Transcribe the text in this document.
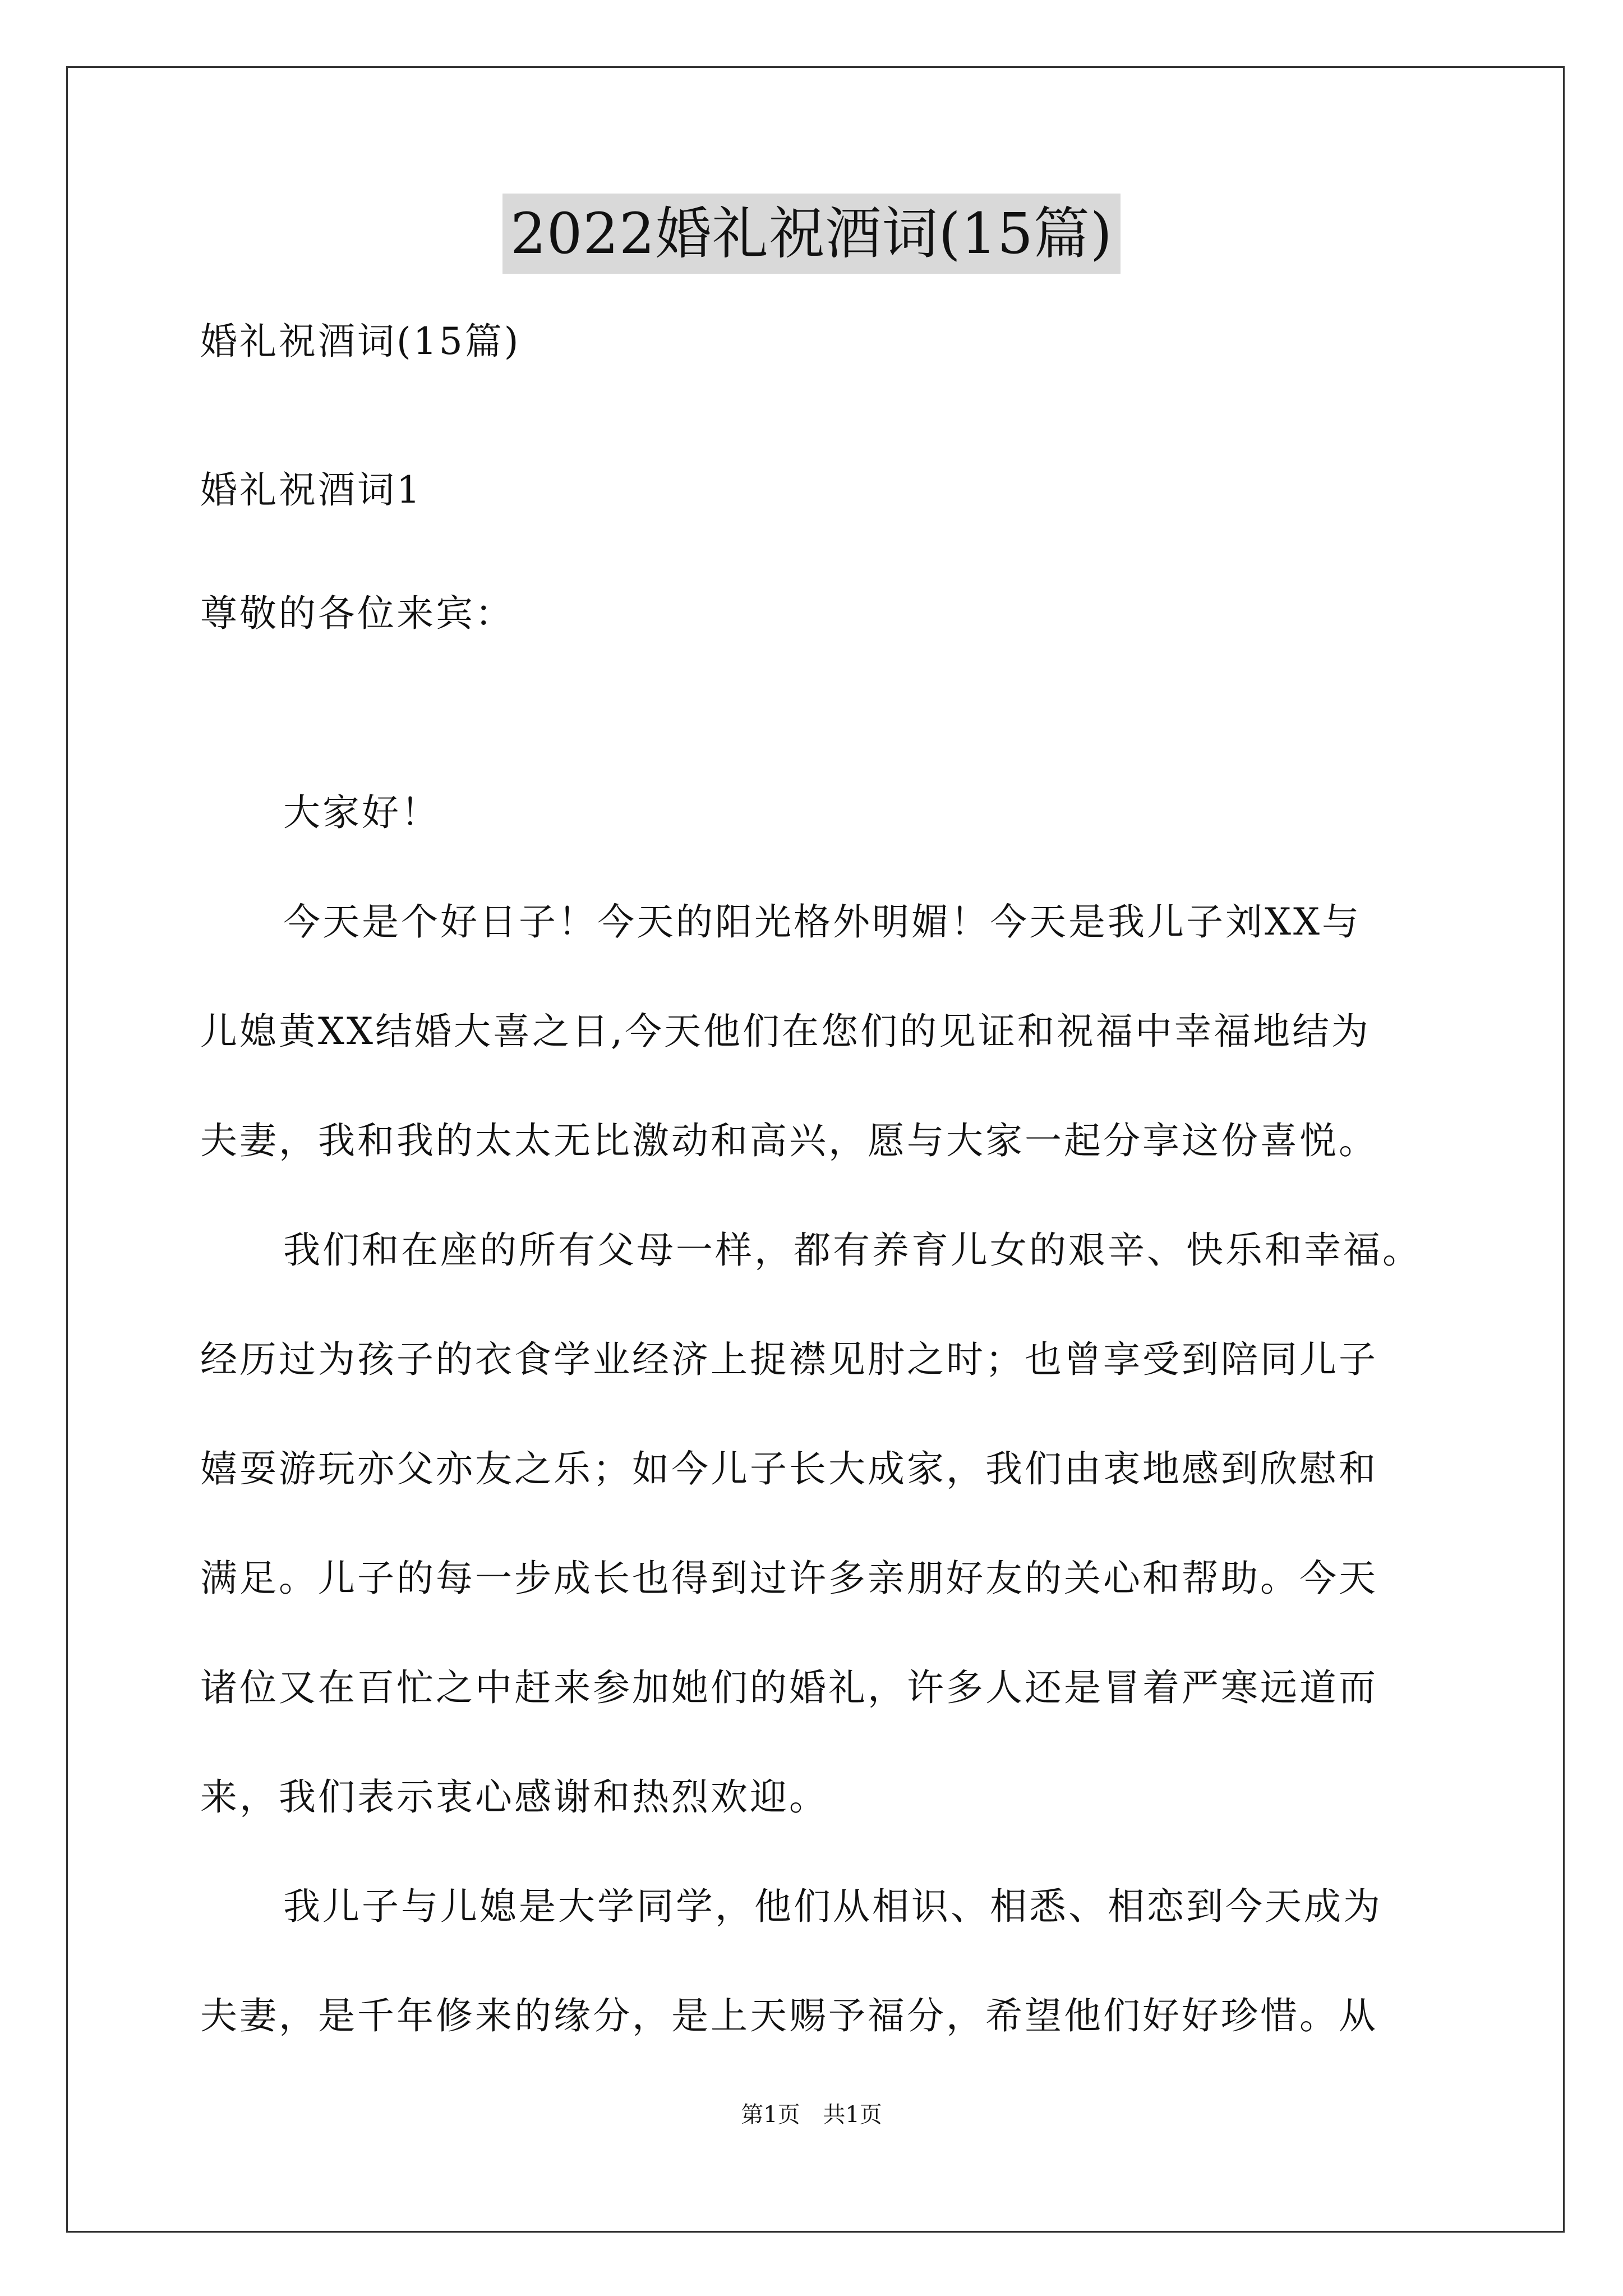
2022婚礼祝酒词(15篇)
婚礼祝酒词(15篇)
婚礼祝酒词1
尊敬的各位来宾：
大家好！
今天是个好日子！今天的阳光格外明媚！今天是我儿子刘XX与
儿媳黄XX结婚大喜之日,今天他们在您们的见证和祝福中幸福地结为
夫妻，我和我的太太无比激动和高兴，愿与大家一起分享这份喜悦。
我们和在座的所有父母一样，都有养育儿女的艰辛、快乐和幸福。
经历过为孩子的衣食学业经济上捉襟见肘之时；也曾享受到陪同儿子
嬉耍游玩亦父亦友之乐；如今儿子长大成家，我们由衷地感到欣慰和
满足。儿子的每一步成长也得到过许多亲朋好友的关心和帮助。今天
诸位又在百忙之中赶来参加她们的婚礼，许多人还是冒着严寒远道而
来，我们表示衷心感谢和热烈欢迎。
我儿子与儿媳是大学同学，他们从相识、相悉、相恋到今天成为
夫妻，是千年修来的缘分，是上天赐予福分，希望他们好好珍惜。从
第1页 共1页
